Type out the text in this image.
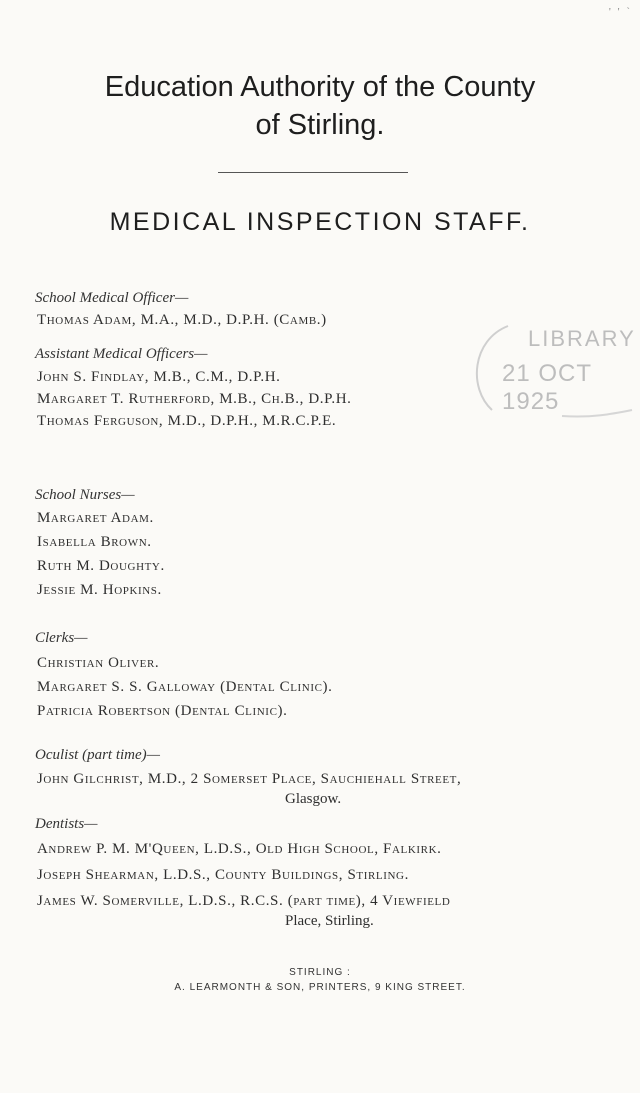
' ' `
Education Authority of the County
of Stirling.
MEDICAL INSPECTION STAFF.
LIBRARY
21 OCT 1925
School Medical Officer—
Thomas Adam, M.A., M.D., D.P.H. (Camb.)
Assistant Medical Officers—
John S. Findlay, M.B., C.M., D.P.H.
Margaret T. Rutherford, M.B., Ch.B., D.P.H.
Thomas Ferguson, M.D., D.P.H., M.R.C.P.E.
School Nurses—
Margaret Adam.
Isabella Brown.
Ruth M. Doughty.
Jessie M. Hopkins.
Clerks—
Christian Oliver.
Margaret S. S. Galloway (Dental Clinic).
Patricia Robertson (Dental Clinic).
Oculist (part time)—
John Gilchrist, M.D., 2 Somerset Place, Sauchiehall Street,
Glasgow.
Dentists—
Andrew P. M. M'Queen, L.D.S., Old High School, Falkirk.
Joseph Shearman, L.D.S., County Buildings, Stirling.
James W. Somerville, L.D.S., R.C.S. (part time), 4 Viewfield
Place, Stirling.
STIRLING :
A. LEARMONTH & SON, PRINTERS, 9 KING STREET.
